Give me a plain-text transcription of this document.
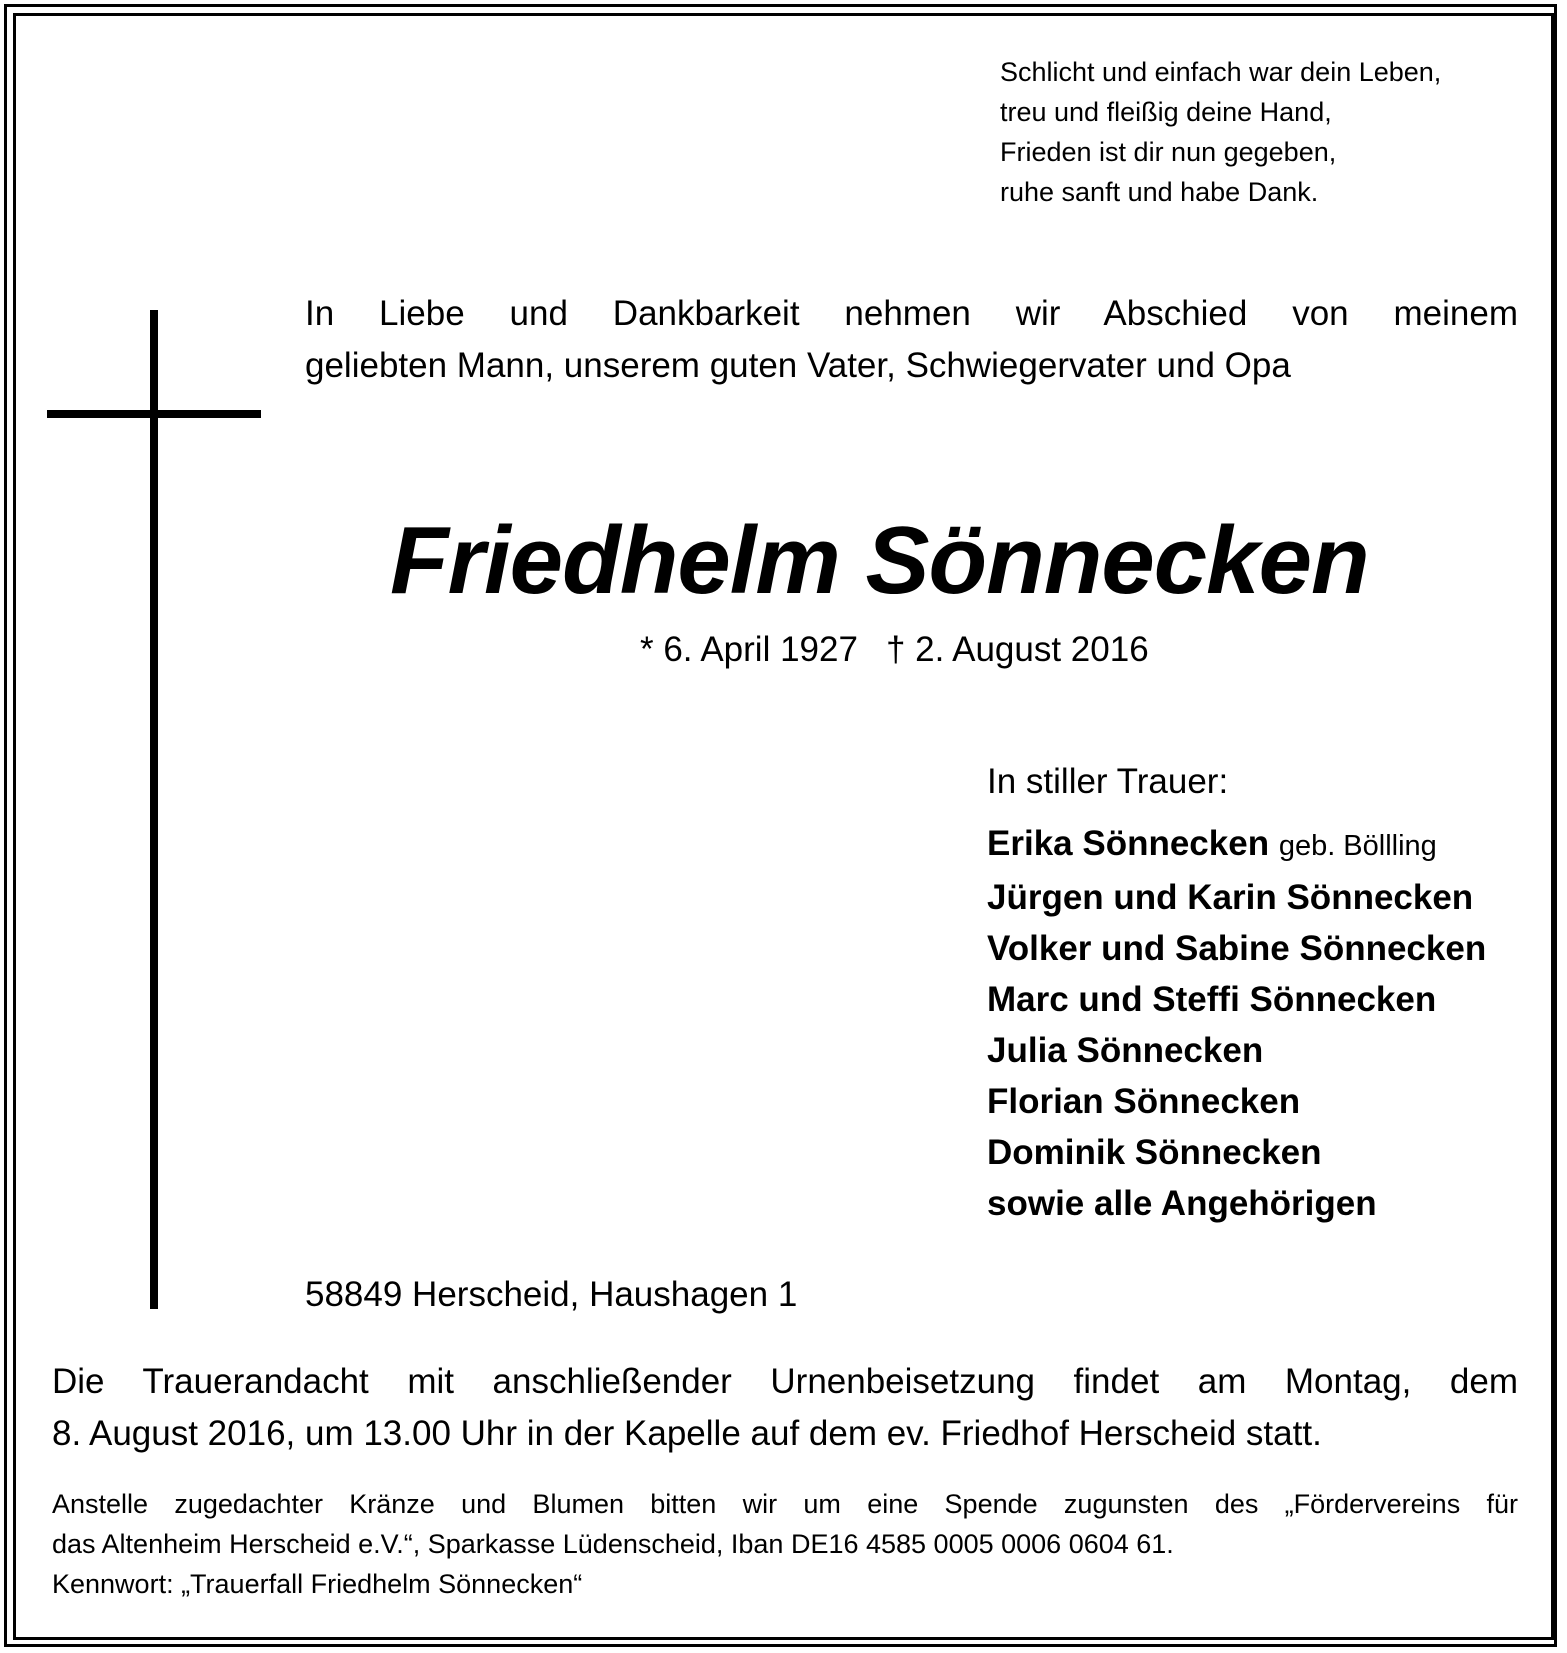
Schlicht und einfach war dein Leben,
treu und fleißig deine Hand,
Frieden ist dir nun gegeben,
ruhe sanft und habe Dank.
In Liebe und Dankbarkeit nehmen wir Abschied von meinem
geliebten Mann, unserem guten Vater, Schwiegervater und Opa
Friedhelm Sönnecken
* 6. April 1927 † 2. August 2016
In stiller Trauer:
Erika Sönnecken geb. Böllling
Jürgen und Karin Sönnecken
Volker und Sabine Sönnecken
Marc und Steffi Sönnecken
Julia Sönnecken
Florian Sönnecken
Dominik Sönnecken
sowie alle Angehörigen
58849 Herscheid, Haushagen 1
Die Trauerandacht mit anschließender Urnenbeisetzung findet am Montag, dem
8. August 2016, um 13.00 Uhr in der Kapelle auf dem ev. Friedhof Herscheid statt.
Anstelle zugedachter Kränze und Blumen bitten wir um eine Spende zugunsten des „Fördervereins für
das Altenheim Herscheid e.V.“, Sparkasse Lüdenscheid, Iban DE16 4585 0005 0006 0604 61.
Kennwort: „Trauerfall Friedhelm Sönnecken“
